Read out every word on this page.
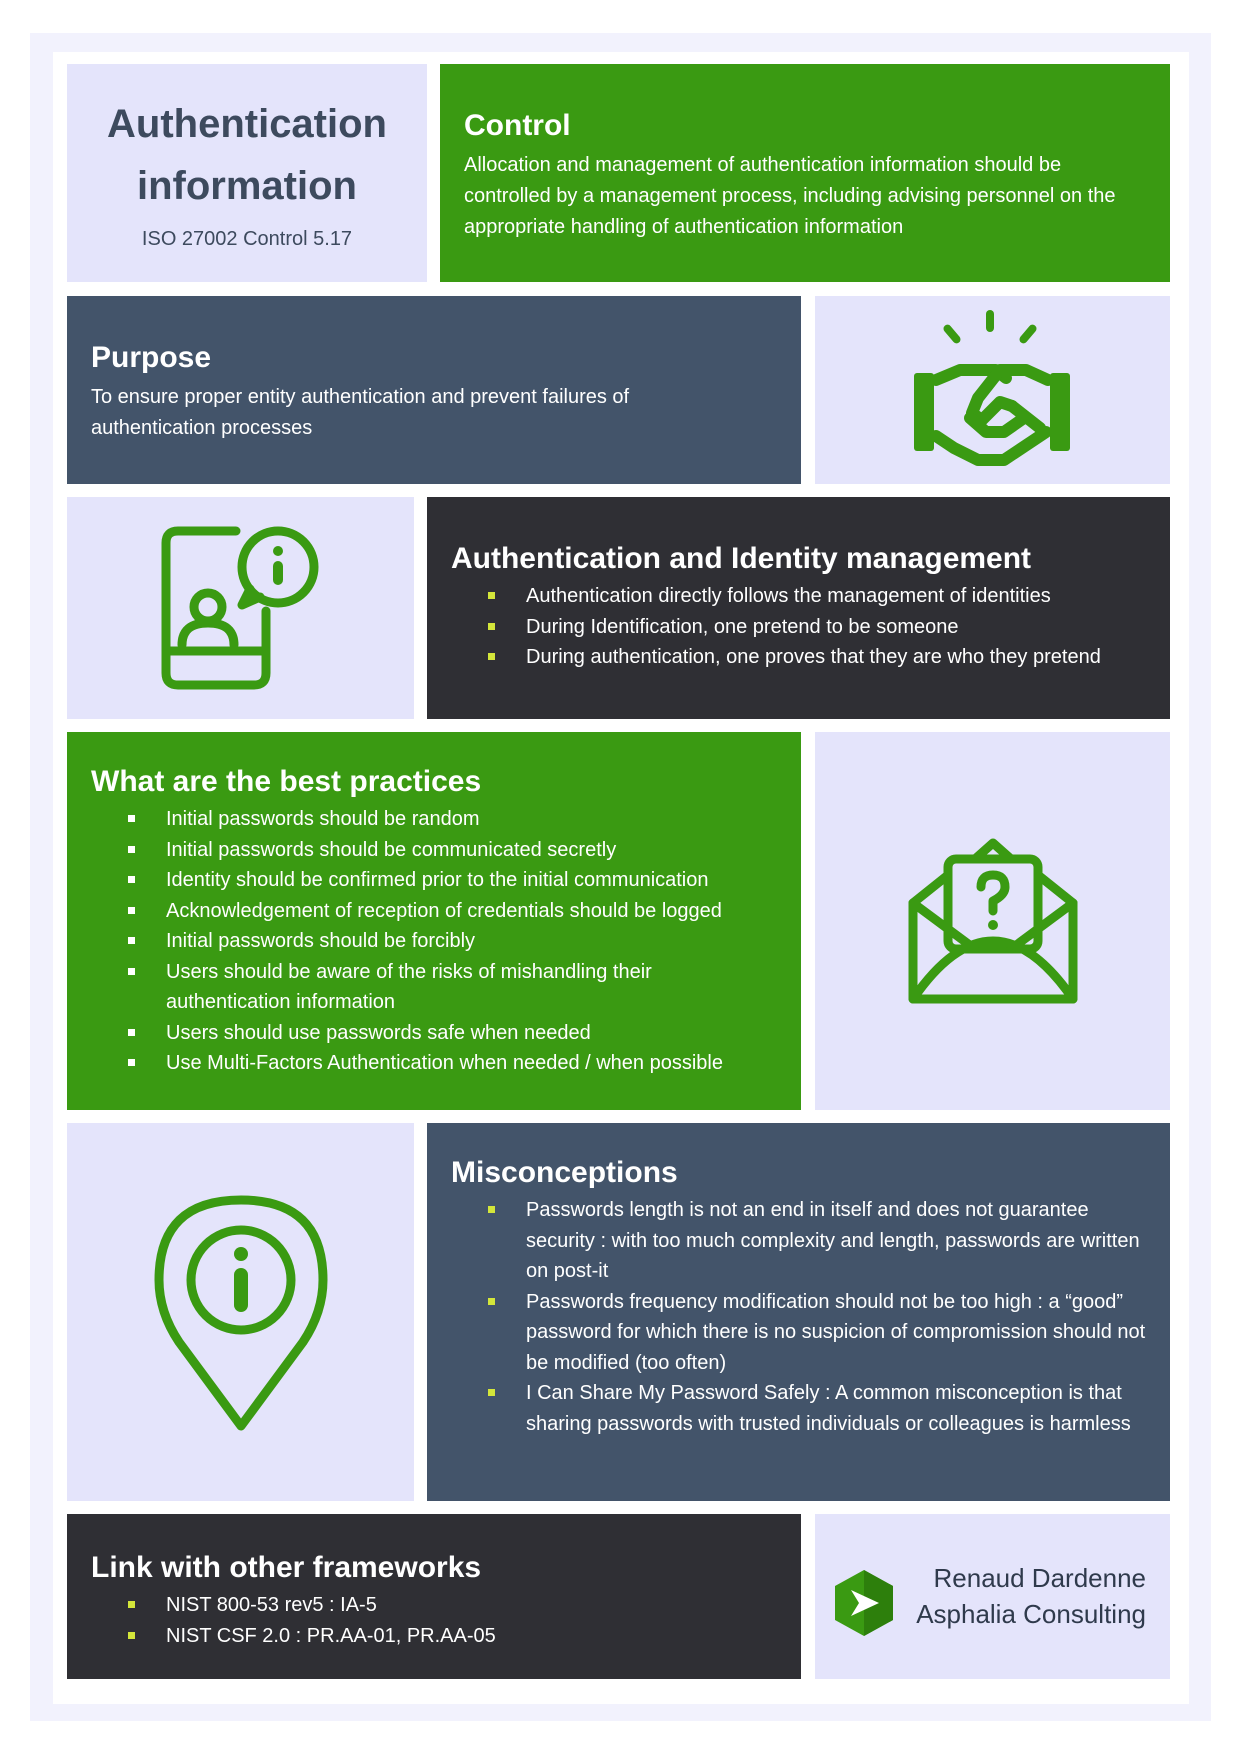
Authentication

information

ISO 27002 Control 5.17
Control

Allocation and management of authentication information should be controlled by a management process, including advising personnel on the appropriate handling of authentication information

Purpose

To ensure proper entity authentication and prevent failures of authentication processes

Authentication and Identity management
Authentication directly follows the management of identities
During Identification, one pretend to be someone
During authentication, one proves that they are who they pretend
What are the best practices
Initial passwords should be random
Initial passwords should be communicated secretly
Identity should be confirmed prior to the initial communication
Acknowledgement of reception of credentials should be logged
Initial passwords should be forcibly
Users should be aware of the risks of mishandling their authentication information
Users should use passwords safe when needed
Use Multi-Factors Authentication when needed / when possible
Misconceptions
Passwords length is not an end in itself and does not guarantee security : with too much complexity and length, passwords are written on post-it
Passwords frequency modification should not be too high : a “good” password for which there is no suspicion of compromission should not be modified (too often)
I Can Share My Password Safely : A common misconception is that sharing passwords with trusted individuals or colleagues is harmless
Link with other frameworks
NIST 800-53 rev5 : IA-5
NIST CSF 2.0 : PR.AA-01, PR.AA-05
Renaud Dardenne
Asphalia Consulting
